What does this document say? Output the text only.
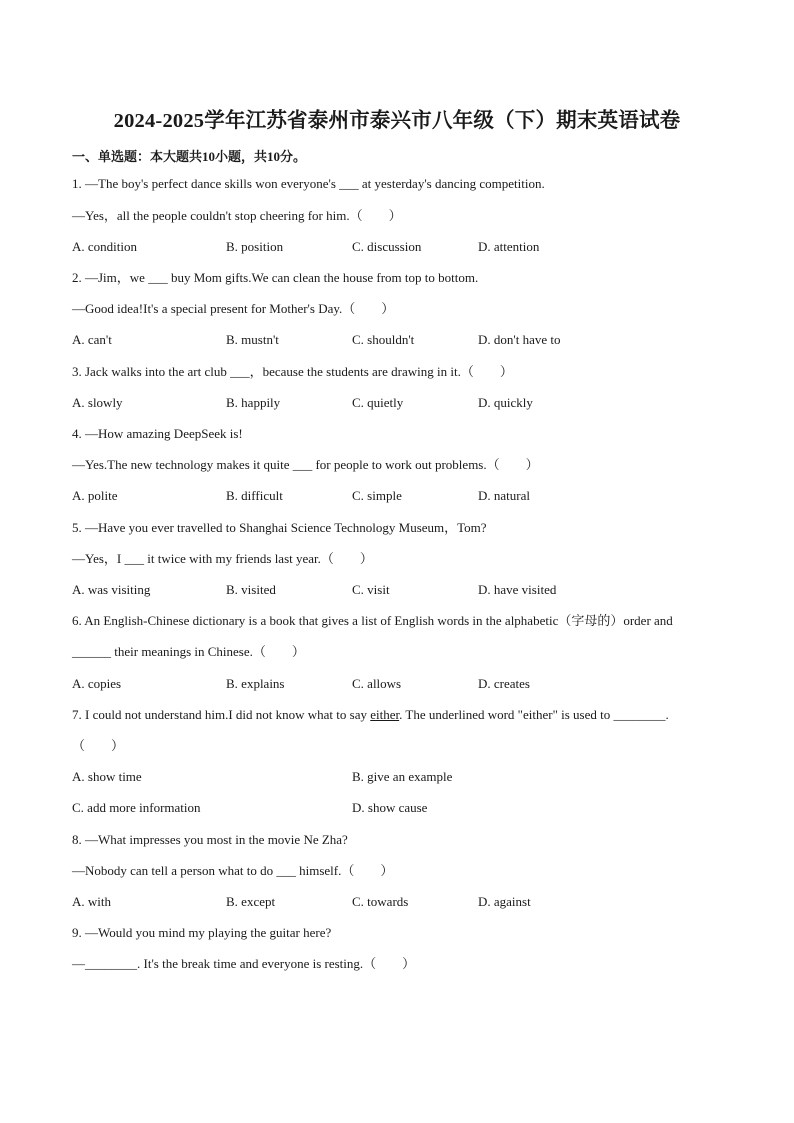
2024-2025学年江苏省泰州市泰兴市八年级（下）期末英语试卷
一、单选题：本大题共10小题，共10分。
1. —The boy's perfect dance skills won everyone's ___ at yesterday's dancing competition.
—Yes，all the people couldn't stop cheering for him.（　　）
A. condition	B. position	C. discussion	D. attention
2. —Jim，we ___ buy Mom gifts.We can clean the house from top to bottom.
—Good idea!It's a special present for Mother's Day.（　　）
A. can't	B. mustn't	C. shouldn't	D. don't have to
3. Jack walks into the art club ___，because the students are drawing in it.（　　）
A. slowly	B. happily	C. quietly	D. quickly
4. —How amazing DeepSeek is!
—Yes.The new technology makes it quite ___ for people to work out problems.（　　）
A. polite	B. difficult	C. simple	D. natural
5. —Have you ever travelled to Shanghai Science Technology Museum，Tom?
—Yes，I ___ it twice with my friends last year.（　　）
A. was visiting	B. visited	C. visit	D. have visited
6. An English-Chinese dictionary is a book that gives a list of English words in the alphabetic（字母的）order and
______ their meanings in Chinese.（　　）
A. copies	B. explains	C. allows	D. creates
7. I could not understand him.I did not know what to say either. The underlined word "either" is used to ________.
（　　）
A. show time	B. give an example
C. add more information	D. show cause
8. —What impresses you most in the movie Ne Zha?
—Nobody can tell a person what to do ___ himself.（　　）
A. with	B. except	C. towards	D. against
9. —Would you mind my playing the guitar here?
—________. It's the break time and everyone is resting.（　　）
